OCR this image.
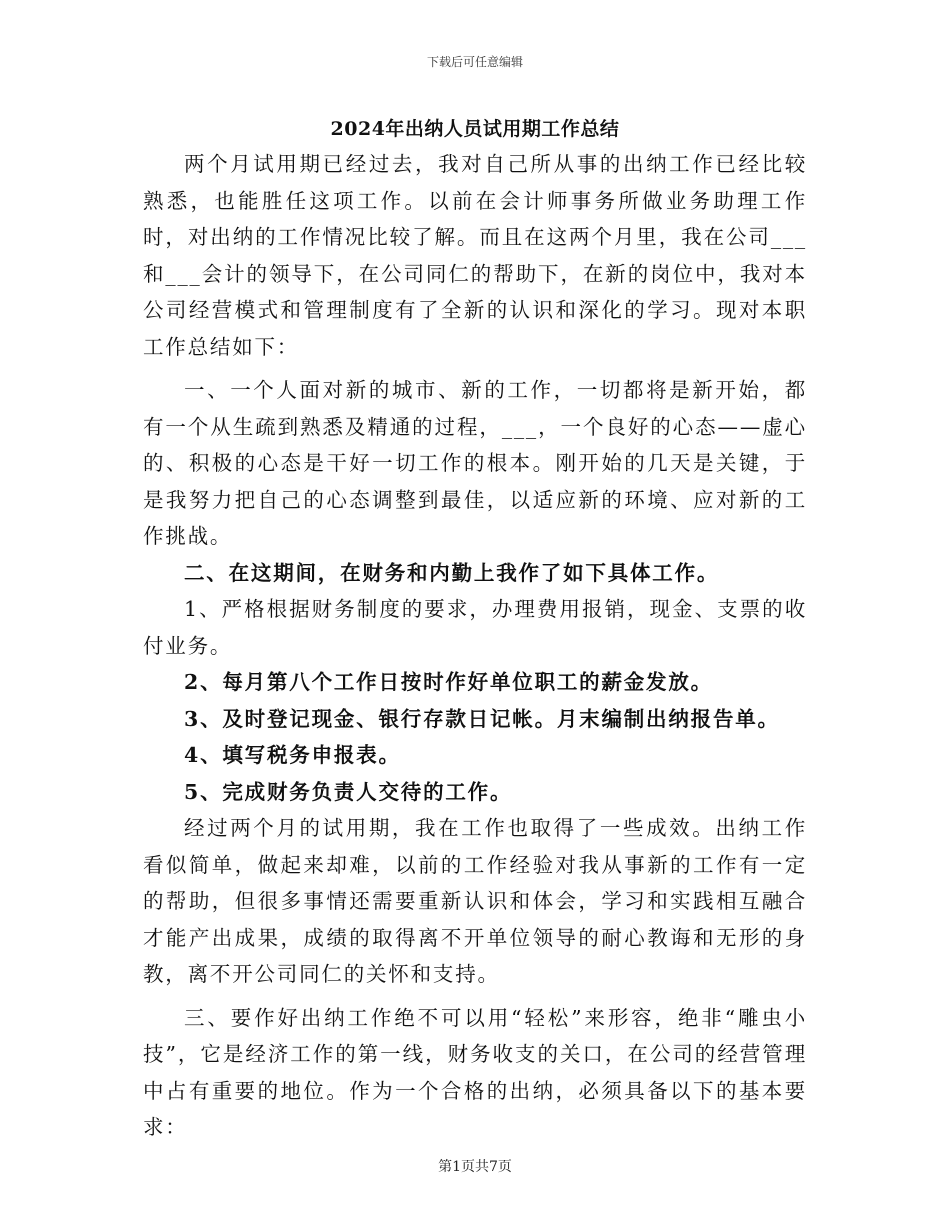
下载后可任意编辑
2024年出纳人员试用期工作总结

两个月试用期已经过去，我对自己所从事的出纳工作已经比较熟悉，也能胜任这项工作。以前在会计师事务所做业务助理工作时，对出纳的工作情况比较了解。而且在这两个月里，我在公司___和___会计的领导下，在公司同仁的帮助下，在新的岗位中，我对本公司经营模式和管理制度有了全新的认识和深化的学习。现对本职工作总结如下：

一、一个人面对新的城市、新的工作，一切都将是新开始，都有一个从生疏到熟悉及精通的过程，___，一个良好的心态——虚心的、积极的心态是干好一切工作的根本。刚开始的几天是关键，于是我努力把自己的心态调整到最佳，以适应新的环境、应对新的工作挑战。

二、在这期间，在财务和内勤上我作了如下具体工作。

1、严格根据财务制度的要求，办理费用报销，现金、支票的收付业务。

2、每月第八个工作日按时作好单位职工的薪金发放。

3、及时登记现金、银行存款日记帐。月末编制出纳报告单。

4、填写税务申报表。

5、完成财务负责人交待的工作。

经过两个月的试用期，我在工作也取得了一些成效。出纳工作看似简单，做起来却难，以前的工作经验对我从事新的工作有一定的帮助，但很多事情还需要重新认识和体会，学习和实践相互融合才能产出成果，成绩的取得离不开单位领导的耐心教诲和无形的身教，离不开公司同仁的关怀和支持。

三、要作好出纳工作绝不可以用“轻松”来形容，绝非“雕虫小技”，它是经济工作的第一线，财务收支的关口，在公司的经营管理中占有重要的地位。作为一个合格的出纳，必须具备以下的基本要求：

第1页共7页
